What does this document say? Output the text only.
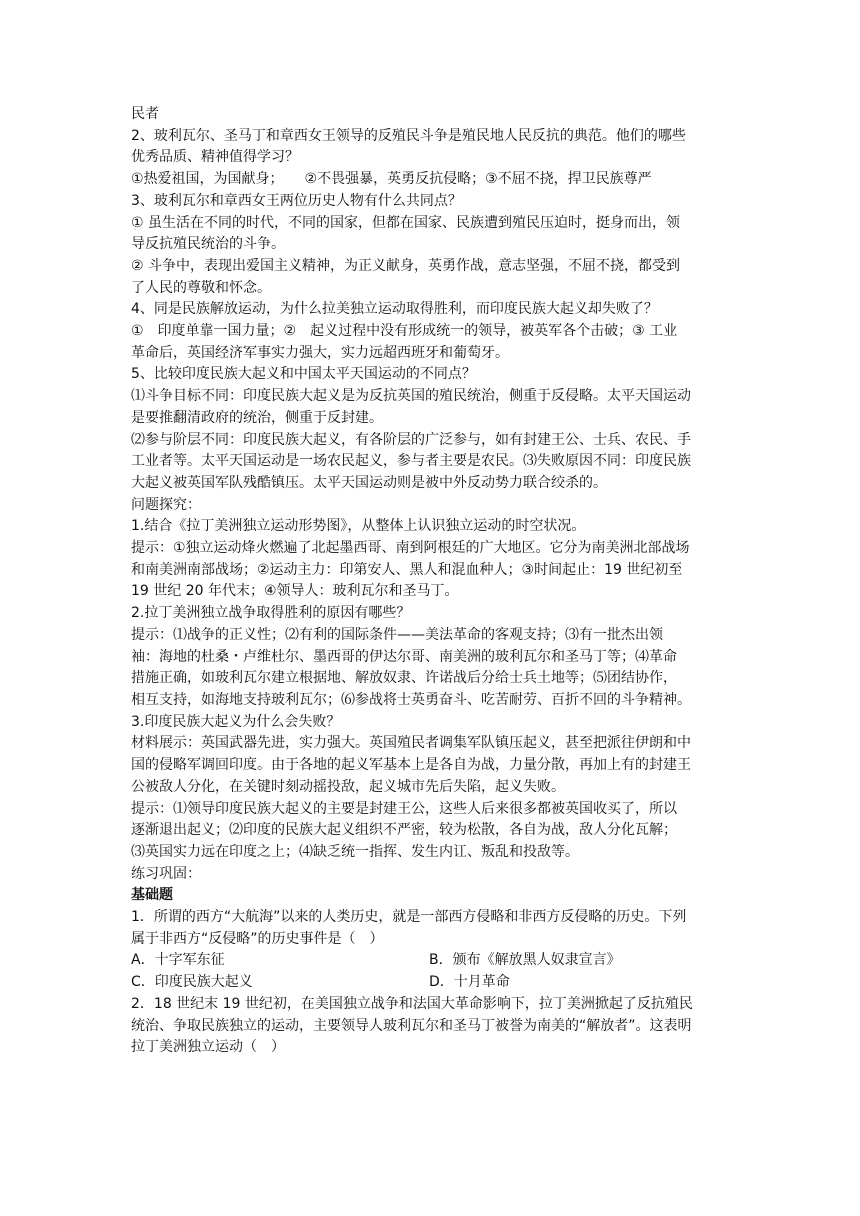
民者

2、玻利瓦尔、圣马丁和章西女王领导的反殖民斗争是殖民地人民反抗的典范。他们的哪些

优秀品质、精神值得学习？

①热爱祖国，为国献身；　　②不畏强暴，英勇反抗侵略；③不屈不挠，捍卫民族尊严

3、玻利瓦尔和章西女王两位历史人物有什么共同点？

① 虽生活在不同的时代，不同的国家，但都在国家、民族遭到殖民压迫时，挺身而出，领

导反抗殖民统治的斗争。

② 斗争中，表现出爱国主义精神，为正义献身，英勇作战，意志坚强，不屈不挠，都受到

了人民的尊敬和怀念。

4、同是民族解放运动，为什么拉美独立运动取得胜利，而印度民族大起义却失败了？

①　印度单靠一国力量；②　起义过程中没有形成统一的领导，被英军各个击破；③ 工业

革命后，英国经济军事实力强大，实力远超西班牙和葡萄牙。

5、比较印度民族大起义和中国太平天国运动的不同点？

⑴斗争目标不同：印度民族大起义是为反抗英国的殖民统治，侧重于反侵略。太平天国运动

是要推翻清政府的统治，侧重于反封建。

⑵参与阶层不同：印度民族大起义，有各阶层的广泛参与，如有封建王公、士兵、农民、手

工业者等。太平天国运动是一场农民起义，参与者主要是农民。⑶失败原因不同：印度民族

大起义被英国军队残酷镇压。太平天国运动则是被中外反动势力联合绞杀的。

问题探究：

1.结合《拉丁美洲独立运动形势图》，从整体上认识独立运动的时空状况。

提示：①独立运动烽火燃遍了北起墨西哥、南到阿根廷的广大地区。它分为南美洲北部战场

和南美洲南部战场；②运动主力：印第安人、黑人和混血种人；③时间起止：19 世纪初至

19 世纪 20 年代末；④领导人：玻利瓦尔和圣马丁。

2.拉丁美洲独立战争取得胜利的原因有哪些？

提示：⑴战争的正义性；⑵有利的国际条件——美法革命的客观支持；⑶有一批杰出领

袖：海地的杜桑・卢维杜尔、墨西哥的伊达尔哥、南美洲的玻利瓦尔和圣马丁等；⑷革命

措施正确，如玻利瓦尔建立根据地、解放奴隶、许诺战后分给士兵土地等；⑸团结协作，

相互支持，如海地支持玻利瓦尔；⑹参战将士英勇奋斗、吃苦耐劳、百折不回的斗争精神。

3.印度民族大起义为什么会失败？

材料展示：英国武器先进，实力强大。英国殖民者调集军队镇压起义，甚至把派往伊朗和中

国的侵略军调回印度。由于各地的起义军基本上是各自为战，力量分散，再加上有的封建王

公被敌人分化，在关键时刻动摇投敌，起义城市先后失陷，起义失败。

提示：⑴领导印度民族大起义的主要是封建王公，这些人后来很多都被英国收买了，所以

逐渐退出起义；⑵印度的民族大起义组织不严密，较为松散，各自为战，敌人分化瓦解；

⑶英国实力远在印度之上；⑷缺乏统一指挥、发生内讧、叛乱和投敌等。

练习巩固：

基础题

1．所谓的西方“大航海”以来的人类历史，就是一部西方侵略和非西方反侵略的历史。下列

属于非西方“反侵略”的历史事件是（　）

A．十字军东征	B．颁布《解放黑人奴隶宣言》

C．印度民族大起义	D．十月革命

2．18 世纪末 19 世纪初，在美国独立战争和法国大革命影响下，拉丁美洲掀起了反抗殖民

统治、争取民族独立的运动，主要领导人玻利瓦尔和圣马丁被誉为南美的“解放者”。这表明

拉丁美洲独立运动（　）
